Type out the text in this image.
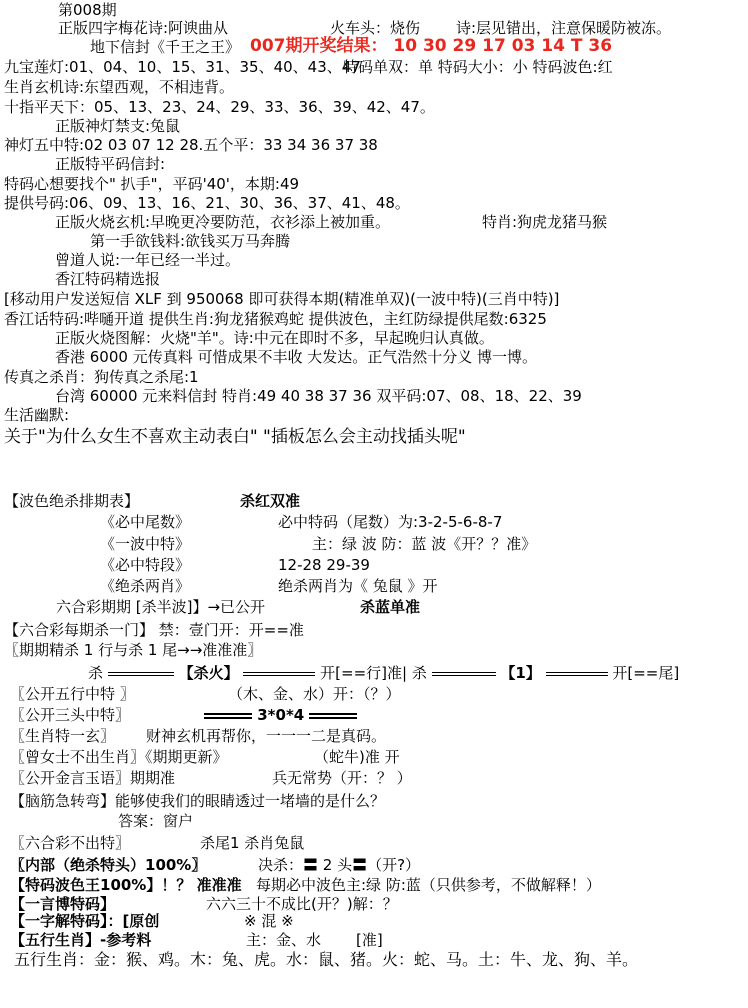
第008期
正版四字梅花诗:阿谀曲从	火车头：烧伤 诗:层见错出，注意保暖防被冻。
地下信封《千王之王》 007期开奖结果： 10 30 29 17 03 14 T 36
九宝莲灯:01、04、10、15、31、35、40、43、47
特码单双：单 特码大小：小 特码波色:红
生肖玄机诗:东望西观，不相违背。
十指平天下：05、13、23、24、29、33、36、39、42、47。
正版神灯禁支:兔鼠
神灯五中特:02 03 07 12 28.五个平：33 34 36 37 38
正版特平码信封:
特码心想要找个" 扒手"，平码'40'，本期:49
提供号码:06、09、13、16、21、30、36、37、41、48。
正版火烧玄机:早晚更冷要防范，衣衫添上被加重。	特肖:狗虎龙猪马猴
第一手欲钱料:欲钱买万马奔腾
曾道人说:一年已经一半过。
香江特码精选报
[移动用户发送短信 XLF 到 950068 即可获得本期(精准单双)(一波中特)(三肖中特)]
香江话特码:哔嗵开道 提供生肖:狗龙猪猴鸡蛇 提供波色，主红防绿提供尾数:6325
正版火烧图解：火烧"羊"。诗:中元在即时不多，早起晚归认真做。
香港 6000 元传真料 可惜成果不丰收 大发达。正气浩然十分义 博一博。
传真之杀肖：狗传真之杀尾:1
台湾 60000 元来料信封 特肖:49 40 38 37 36 双平码:07、08、18、22、39
生活幽默:
关于"为什么女生不喜欢主动表白" "插板怎么会主动找插头呢"
【波色绝杀排期表】	杀红双准
《必中尾数》	必中特码（尾数）为:3-2-5-6-8-7
《一波中特》	主：绿 波 防：蓝 波《开？？准》
《必中特段》	12-28 29-39
《绝杀两肖》	绝杀两肖为《 兔鼠 》开
六合彩期期 [杀半波]】→已公开	杀蓝单准
【六合彩每期杀一门】 禁：壹门开：开==准
〖期期精杀 1 行与杀 1 尾→→准准准〗
杀	【杀火】	开[==行]准| 杀	【1】	开[==尾]
〖公开五行中特 〗	（木、金、水）开：（？）
〖公开三头中特〗	3*0*4
〖生肖特一玄〗 财神玄机再帮你，一一一二是真码。
〖曾女士不出生肖〗《期期更新》	（蛇牛)准 开
〖公开金言玉语〗期期准	兵无常势（开：？ ）
【脑筋急转弯】能够使我们的眼睛透过一堵墙的是什么？
答案：窗户
〖六合彩不出特〗	杀尾1 杀肖兔鼠
〖内部（绝杀特头）100%〗	决杀：〓 2 头〓（开?）
【特码波色王100%】！？ 准准准 每期必中波色主:绿 防:蓝（只供参考，不做解释！）
【一言博特码】	六六三十不成比(开？)解：？
【一字解特码】：[原创	※ 混 ※
【五行生肖】-参考料	主：金、水 [准]
五行生肖：金：猴、鸡。木：兔、虎。水：鼠、猪。火：蛇、马。土：牛、龙、狗、羊。
